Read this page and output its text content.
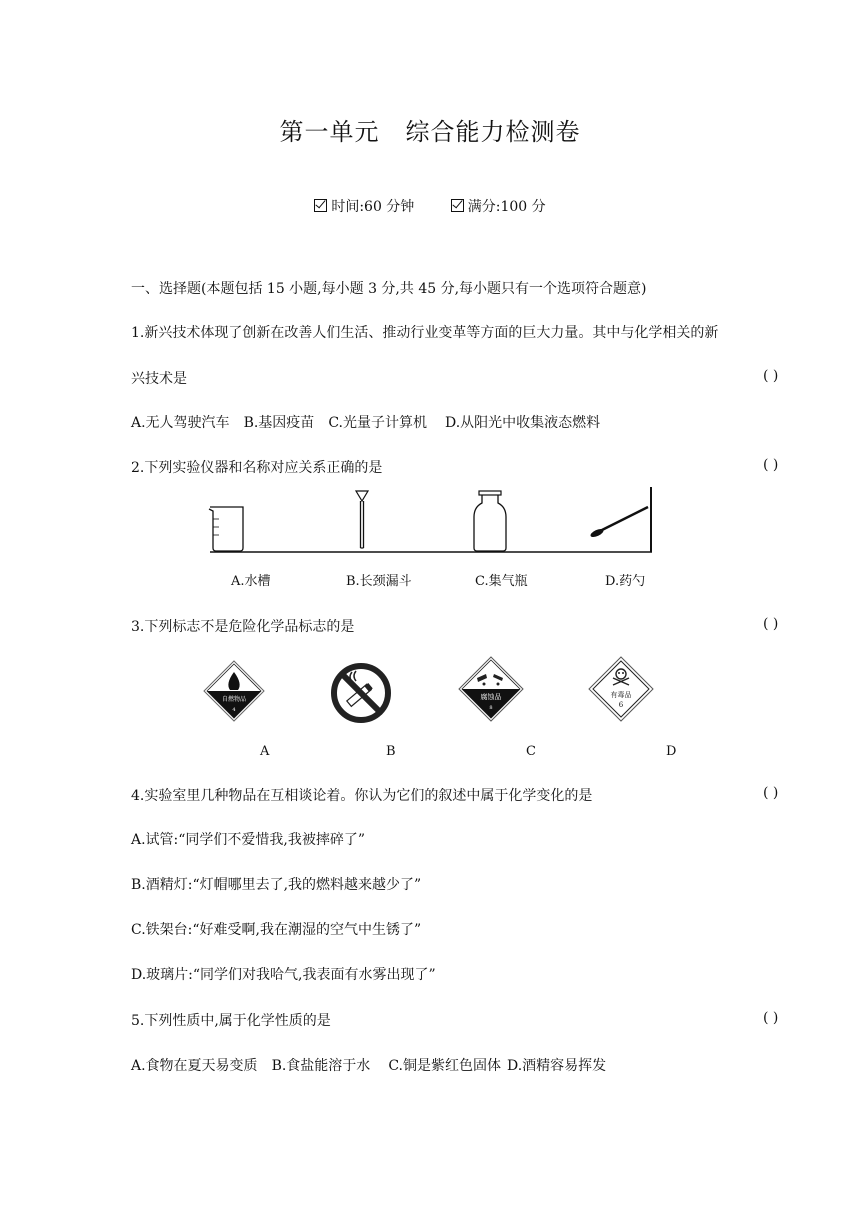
第一单元 综合能力检测卷
时间:60 分钟	满分:100 分
一、选择题(本题包括 15 小题,每小题 3 分,共 45 分,每小题只有一个选项符合题意)
1.新兴技术体现了创新在改善人们生活、推动行业变革等方面的巨大力量。其中与化学相关的新
兴技术是	( )
A.无人驾驶汽车 B.基因疫苗 C.光量子计算机 D.从阳光中收集液态燃料
2.下列实验仪器和名称对应关系正确的是	( )
A.水槽	B.长颈漏斗	C.集气瓶	D.药勺
3.下列标志不是危险化学品标志的是	( )
自燃物品
4
腐蚀品
8
有毒品
6
A	B	C	D
4.实验室里几种物品在互相谈论着。你认为它们的叙述中属于化学变化的是	( )
A.试管:“同学们不爱惜我,我被摔碎了”
B.酒精灯:“灯帽哪里去了,我的燃料越来越少了”
C.铁架台:“好难受啊,我在潮湿的空气中生锈了”
D.玻璃片:“同学们对我哈气,我表面有水雾出现了”
5.下列性质中,属于化学性质的是	( )
A.食物在夏天易变质 B.食盐能溶于水 C.铜是紫红色固体 D.酒精容易挥发
